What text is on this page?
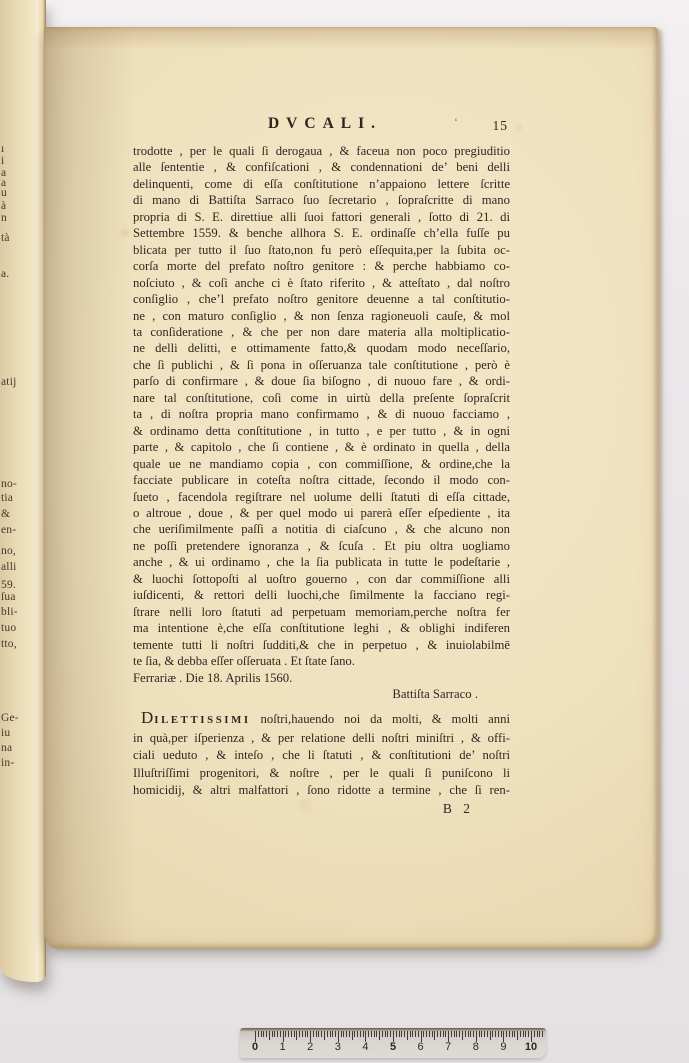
ı
i
a
a
u
à
n
tà
a.
atij
no-
tia
&
en-
no,
alli
59.
ſua
bli-
tuo
tto,
Ge-
iu
na
in-
DVCALI.	‘	15
trodotte , per le quali ſi derogaua , & faceua non poco pregiuditio
alle ſententie , & confiſcationi , & condennationi de’ beni delli
delinquenti, come di eſſa conſtitutione n’appaiono lettere ſcritte
di mano di Battiſta Sarraco ſuo ſecretario , ſopraſcritte di mano
propria di S. E. direttiue alli ſuoi fattori generali , ſotto di 21. di
Settembre 1559. & benche allhora S. E. ordinaſſe ch’ella fuſſe pu
blicata per tutto il ſuo ſtato,non fu però eſſequita,per la ſubita oc-
corſa morte del prefato noſtro genitore : & perche habbiamo co-
noſciuto , & coſi anche ci è ſtato riferito , & atteſtato , dal noſtro
conſiglio , che’l prefato noſtro genitore deuenne a tal conſtitutio-
ne , con maturo conſiglio , & non ſenza ragioneuoli cauſe, & mol
ta conſideratione , & che per non dare materia alla moltiplicatio-
ne delli delitti, e ottimamente fatto,& quodam modo neceſſario,
che ſi publichi , & ſi pona in oſſeruanza tale conſtitutione , però è
parſo di confirmare , & doue ſia biſogno , di nuouo fare , & ordi-
nare tal conſtitutione, coſi come in uirtù della preſente ſopraſcrit
ta , di noſtra propria mano confirmamo , & di nuouo facciamo ,
& ordinamo detta conſtitutione , in tutto , e per tutto , & in ogni
parte , & capitolo , che ſi contiene , & è ordinato in quella , della
quale ue ne mandiamo copia , con commiſſione, & ordine,che la
facciate publicare in coteſta noſtra cittade, ſecondo il modo con-
ſueto , facendola regiſtrare nel uolume delli ſtatuti di eſſa cittade,
o altroue , doue , & per quel modo ui parerà eſſer eſpediente , ita
che ueriſimilmente paſſi a notitia di ciaſcuno , & che alcuno non
ne poſſi pretendere ignoranza , & ſcuſa . Et piu oltra uogliamo
anche , & ui ordinamo , che la ſia publicata in tutte le podeſtarie ,
& luochi ſottopoſti al uoſtro gouerno , con dar commiſſione alli
iuſdicenti, & rettori delli luochi,che ſimilmente la facciano regi-
ſtrare nelli loro ſtatuti ad perpetuam memoriam,perche noſtra fer
ma intentione è,che eſſa conſtitutione leghi , & oblighi indiferen
temente tutti li noſtri ſudditi,& che in perpetuo , & inuiolabilmē
te ſia, & debba eſſer oſſeruata . Et ſtate ſano.
Ferrariæ . Die 18. Aprilis 1560.
Battiſta Sarraco .
DILETTISSIMI noſtri,hauendo noi da molti, & molti anni
in quà,per iſperienza , & per relatione delli noſtri miniſtri , & offi-
ciali ueduto , & inteſo , che li ſtatuti , & conſtitutioni de’ noſtri
Illuſtriſſimi progenitori, & noſtre , per le quali ſi puniſcono li
homicidij, & altri malfattori , ſono ridotte a termine , che ſi ren-
B 2
0	1	2	3	4	5	6	7	8	9	10
